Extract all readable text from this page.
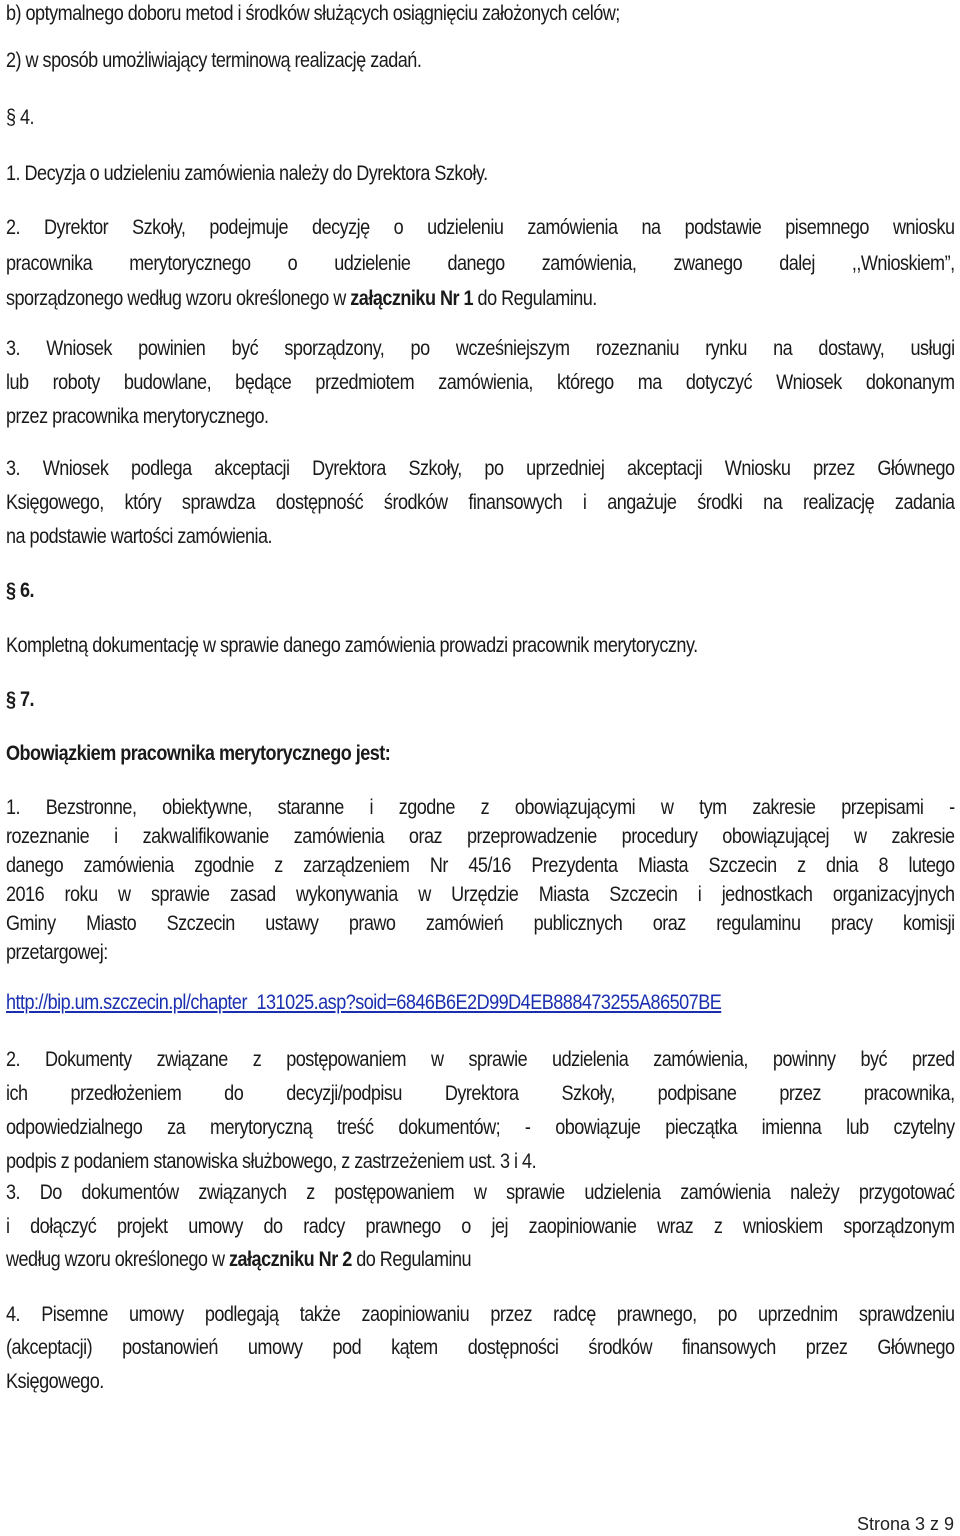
b) optymalnego doboru metod i środków służących osiągnięciu założonych celów;
2) w sposób umożliwiający terminową realizację zadań.
§ 4.
1. Decyzja o udzieleniu zamówienia należy do Dyrektora Szkoły.
2. Dyrektor Szkoły, podejmuje decyzję o udzieleniu zamówienia na podstawie pisemnego wniosku
pracownika merytorycznego o udzielenie danego zamówienia, zwanego dalej ,,Wnioskiem”,
sporządzonego według wzoru określonego w załączniku Nr 1 do Regulaminu.
3. Wniosek powinien być sporządzony, po wcześniejszym rozeznaniu rynku na dostawy, usługi
lub roboty budowlane, będące przedmiotem zamówienia, którego ma dotyczyć Wniosek dokonanym
przez pracownika merytorycznego.
3. Wniosek podlega akceptacji Dyrektora Szkoły, po uprzedniej akceptacji Wniosku przez Głównego
Księgowego, który sprawdza dostępność środków finansowych i angażuje środki na realizację zadania
na podstawie wartości zamówienia.
§ 6.
Kompletną dokumentację w sprawie danego zamówienia prowadzi pracownik merytoryczny.
§ 7.
Obowiązkiem pracownika merytorycznego jest:
1. Bezstronne, obiektywne, staranne i zgodne z obowiązującymi w tym zakresie przepisami -
rozeznanie i zakwalifikowanie zamówienia oraz przeprowadzenie procedury obowiązującej w zakresie
danego zamówienia zgodnie z zarządzeniem Nr 45/16 Prezydenta Miasta Szczecin z dnia 8 lutego
2016 roku w sprawie zasad wykonywania w Urzędzie Miasta Szczecin i jednostkach organizacyjnych
Gminy Miasto Szczecin ustawy prawo zamówień publicznych oraz regulaminu pracy komisji
przetargowej:
http://bip.um.szczecin.pl/chapter_131025.asp?soid=6846B6E2D99D4EB888473255A86507BE
2. Dokumenty związane z postępowaniem w sprawie udzielenia zamówienia, powinny być przed
ich przedłożeniem do decyzji/podpisu Dyrektora Szkoły, podpisane przez pracownika,
odpowiedzialnego za merytoryczną treść dokumentów; - obowiązuje pieczątka imienna lub czytelny
podpis z podaniem stanowiska służbowego, z zastrzeżeniem ust. 3 i 4.
3. Do dokumentów związanych z postępowaniem w sprawie udzielenia zamówienia należy przygotować
i dołączyć projekt umowy do radcy prawnego o jej zaopiniowanie wraz z wnioskiem sporządzonym
według wzoru określonego w załączniku Nr 2 do Regulaminu
4. Pisemne umowy podlegają także zaopiniowaniu przez radcę prawnego, po uprzednim sprawdzeniu
(akceptacji) postanowień umowy pod kątem dostępności środków finansowych przez Głównego
Księgowego.
Strona 3 z 9
